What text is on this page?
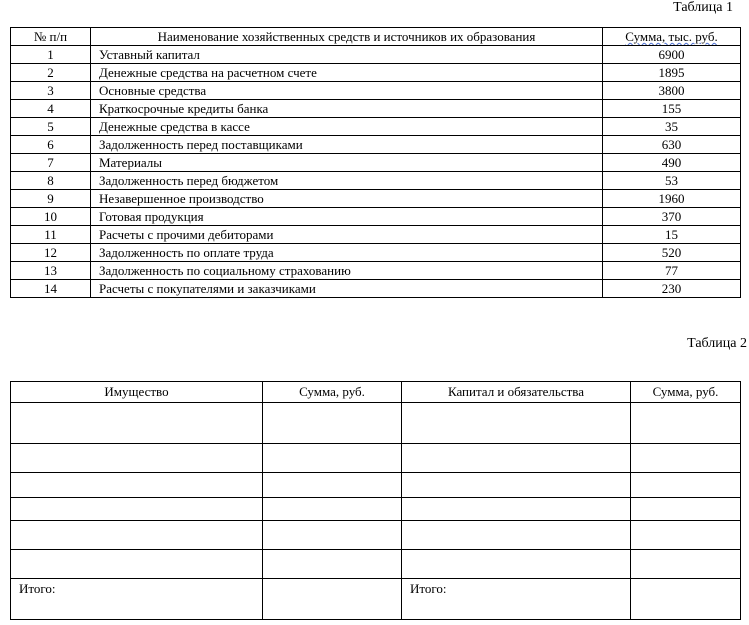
Таблица 1
№ п/п	Наименование хозяйственных средств и источников их образования	Сумма, тыс. руб.
1	Уставный капитал	6900
2	Денежные средства на расчетном счете	1895
3	Основные средства	3800
4	Краткосрочные кредиты банка	155
5	Денежные средства в кассе	35
6	Задолженность перед поставщиками	630
7	Материалы	490
8	Задолженность перед бюджетом	53
9	Незавершенное производство	1960
10	Готовая продукция	370
11	Расчеты с прочими дебиторами	15
12	Задолженность по оплате труда	520
13	Задолженность по социальному страхованию	77
14	Расчеты с покупателями и заказчиками	230
Таблица 2
Имущество	Сумма, руб.	Капитал и обязательства	Сумма, руб.

Итого:		Итого:	
